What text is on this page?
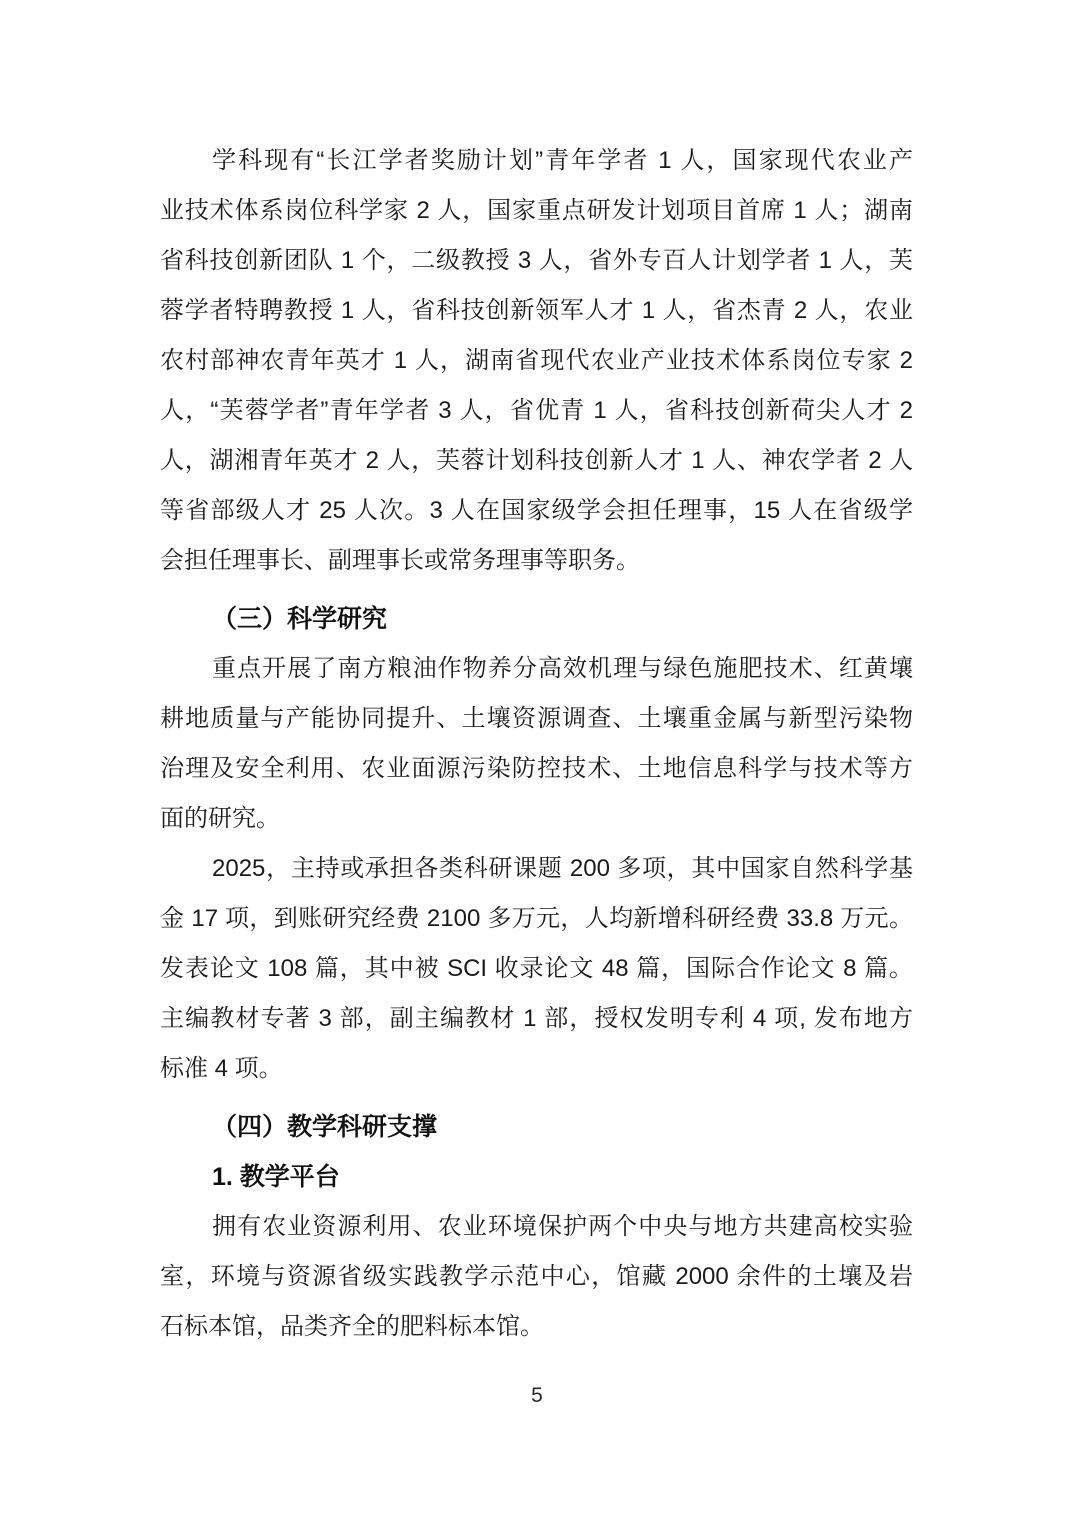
学科现有“长江学者奖励计划”青年学者 1 人，国家现代农业产
业技术体系岗位科学家 2 人，国家重点研发计划项目首席 1 人；湖南
省科技创新团队 1 个，二级教授 3 人，省外专百人计划学者 1 人，芙
蓉学者特聘教授 1 人，省科技创新领军人才 1 人，省杰青 2 人，农业
农村部神农青年英才 1 人，湖南省现代农业产业技术体系岗位专家 2
人，“芙蓉学者”青年学者 3 人，省优青 1 人，省科技创新荷尖人才 2
人，湖湘青年英才 2 人，芙蓉计划科技创新人才 1 人、神农学者 2 人
等省部级人才 25 人次。3 人在国家级学会担任理事，15 人在省级学
会担任理事长、副理事长或常务理事等职务。
（三）科学研究
重点开展了南方粮油作物养分高效机理与绿色施肥技术、红黄壤
耕地质量与产能协同提升、土壤资源调查、土壤重金属与新型污染物
治理及安全利用、农业面源污染防控技术、土地信息科学与技术等方
面的研究。
2025，主持或承担各类科研课题 200 多项，其中国家自然科学基
金 17 项，到账研究经费 2100 多万元，人均新增科研经费 33.8 万元。
发表论文 108 篇，其中被 SCI 收录论文 48 篇，国际合作论文 8 篇。
主编教材专著 3 部，副主编教材 1 部，授权发明专利 4 项, 发布地方
标准 4 项。
（四）教学科研支撑
1. 教学平台
拥有农业资源利用、农业环境保护两个中央与地方共建高校实验
室，环境与资源省级实践教学示范中心，馆藏 2000 余件的土壤及岩
石标本馆，品类齐全的肥料标本馆。
5
